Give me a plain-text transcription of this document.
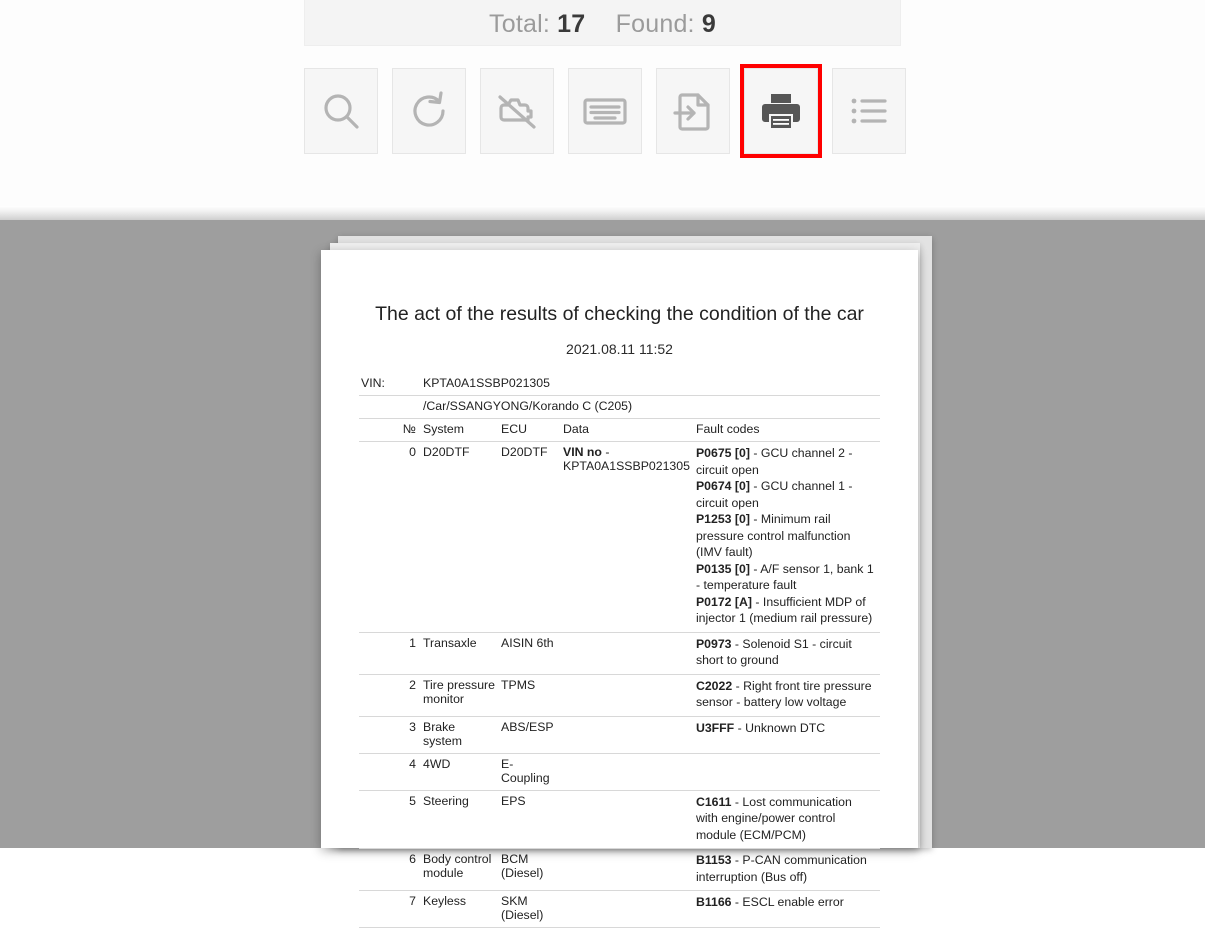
Total: 17 Found: 9
The act of the results of checking the condition of the car
2021.08.11 11:52
VIN:	KPTA0A1SSBP021305			
	/Car/SSANGYONG/Korando C (C205)			
№	System	ECU	Data	Fault codes
0	D20DTF	D20DTF	VIN no - KPTA0A1SSBP021305	P0675 [0] - GCU channel 2 - circuit open
P0674 [0] - GCU channel 1 - circuit open
P1253 [0] - Minimum rail pressure control malfunction (IMV fault)
P0135 [0] - A/F sensor 1, bank 1 - temperature fault
P0172 [A] - Insufficient MDP of injector 1 (medium rail pressure)

1	Transaxle	AISIN 6th		P0973 - Solenoid S1 - circuit short to ground

2	Tire pressure monitor	TPMS		C2022 - Right front tire pressure sensor - battery low voltage

3	Brake system	ABS/ESP		U3FFF - Unknown DTC

4	4WD	E-Coupling		
5	Steering	EPS		C1611 - Lost communication with engine/power control module (ECM/PCM)

6	Body control module	BCM (Diesel)		B1153 - P-CAN communication interruption (Bus off)

7	Keyless	SKM (Diesel)		B1166 - ESCL enable error
